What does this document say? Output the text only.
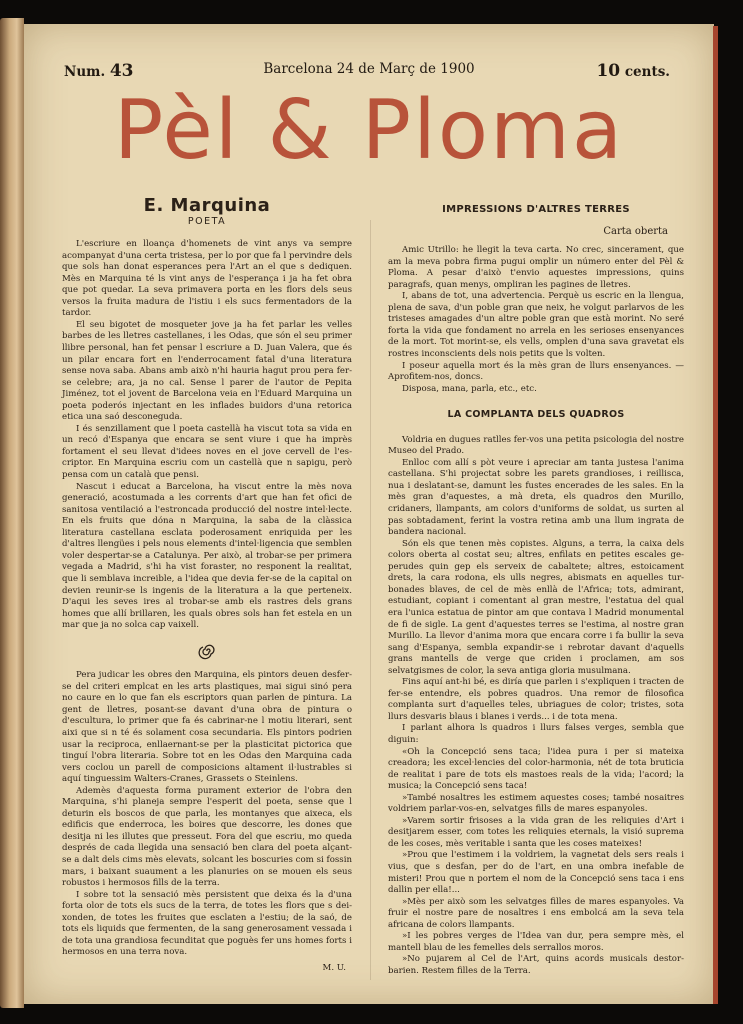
Num. 43	Barcelona 24 de Març de 1900	10 cents.
Pèl & Ploma
E. Marquina
POETA

L'escriure en lloança d'homenets de vint anys va sempre acompanyat d'una certa tristesa, per lo por que fa l pervindre dels que sols han donat esperances pera l'Art an el que s dediquen. Mès en Marquina té ls vint anys de l'esperança i ja ha fet obra que pot quedar. La seva primavera porta en les flors dels seus versos la fruita madura de l'istiu i els sucs fermentadors de la tardor.

El seu bigotet de mosqueter jove ja ha fet parlar les velles barbes de les lletres castellanes, i les Odas, que són el seu primer llibre personal, han fet pensar l escriure a D. Juan Valera, que és un pilar encara fort en l'enderrocament fatal d'una literatura sense nova saba. Abans amb això n'hi hauria hagut prou pera fer-se celebre; ara, ja no cal. Sense l parer de l'autor de Pepita Jiménez, tot el jovent de Barcelona veia en l'Eduard Marquina un poeta poderós injectant en les inflades buidors d'una retorica etica una saó desconeguda.

I és senzillament que l poeta castellà ha viscut tota sa vida en un recó d'Espanya que encara se sent viure i que ha imprès fortament el seu llevat d'idees noves en el jove cervell de l'escriptor. En Marquina escriu com un castellà que n sapigu, però pensa com un català que pensi.

Nascut i educat a Barcelona, ha viscut entre la mès nova generació, acostumada a les corrents d'art que han fet ofici de sanitosa ventilació a l'estroncada producció del nostre intel·lecte. En els fruits que dóna n Marquina, la saba de la clàssica literatura castellana esclata poderosament enriquida per les d'altres llengües i pels nous elements d'intel·ligencia que semblen voler despertar-se a Catalunya. Per això, al trobar-se per primera vegada a Madrid, s'hi ha vist foraster, no responent la realitat, que li semblava increible, a l'idea que devia fer-se de la capital on devien reunir-se ls ingenis de la literatura a la que perteneix. D'aqui les seves ires al trobar-se amb els rastres dels grans homes que allí brillaren, les quals obres sols han fet estela en un mar que ja no solca cap vaixell.

Pera judicar les obres den Marquina, els pintors deuen desfer-se del criteri emplcat en les arts plastiques, mai sigui sinó pera no caure en lo que fan els escriptors quan parlen de pintura. La gent de lletres, posant-se davant d'una obra de pintura o d'escultura, lo primer que fa és cabrinar-ne l motiu literari, sent aixi que si n té és solament cosa secundaria. Els pintors podrien usar la reciproca, enllaernant-se per la plasticitat pictorica que tinguí l'obra literaria. Sobre tot en les Odas den Marquina cada vers coclou un parell de composicions altament il·lustrables si aquí tinguessim Walters-Cranes, Grassets o Steinlens.

Ademès d'aquesta forma purament exterior de l'obra den Marquina, s'hi planeja sempre l'esperit del poeta, sense que l deturin els boscos de que parla, les montanyes que aixeca, els edificis que enderroca, les boires que descorre, les dones que desitja ni les illutes que presseut. Fora del que escriu, mo queda després de cada llegida una sensació ben clara del poeta alçant-se a dalt dels cims mès elevats, solcant les boscuries com si fossin mars, i baixant suaument a les planuries on se mouen els seus robustos i hermosos fills de la terra.

I sobre tot la sensació mès persistent que deixa és la d'una forta olor de tots els sucs de la terra, de totes les flors que s deixonden, de totes les fruites que esclaten a l'estiu; de la saó, de tots els liquids que fermenten, de la sang generosament vessada i de tota una grandiosa fecunditat que poguès fer uns homes forts i hermosos en una terra nova.

M. U.
IMPRESSIONS D'ALTRES TERRES
Carta oberta

Amic Utrillo: he llegit la teva carta. No crec, sincerament, que am la meva pobra firma pugui omplir un número enter del Pèl & Ploma. A pesar d'això t'envio aquestes impressions, quins paragrafs, quan menys, ompliran les pagines de lletres.

I, abans de tot, una advertencia. Perquè us escric en la llengua, plena de sava, d'un poble gran que neix, he volgut parlarvos de les tristeses amagades d'un altre poble gran que està morint. No seré forta la vida que fondament no arrela en les serioses ensenyances de la mort. Tot morint-se, els vells, omplen d'una sava gravetat els rostres inconscients dels nois petits que ls volten.

I poseur aquella mort és la mès gran de llurs ensenyances. —Aprofitem-nos, doncs.

Disposa, mana, parla, etc., etc.

LA COMPLANTA DELS QUADROS

Voldria en dugues ratlles fer-vos una petita psicologia del nostre Museo del Prado.

Enlloc com allí s pòt veure i apreciar am tanta justesa l'anima castellana. S'hi projectat sobre les parets grandioses, i reillisca, nua i deslatant-se, damunt les fustes encerades de les sales. En la mès gran d'aquestes, a mà dreta, els quadros den Murillo, cridaners, llampants, am colors d'uniforms de soldat, us surten al pas sobtadament, ferint la vostra retina amb una llum ingrata de bandera nacional.

Són els que tenen mès copistes. Alguns, a terra, la caixa dels colors oberta al costat seu; altres, enfilats en petites escales geperudes quin gep els serveix de cabaltete; altres, estoicament drets, la cara rodona, els ulls negres, abismats en aquelles turbonades blaves, de cel de mès enllà de l'Africa; tots, admirant, estudiant, copiant i comentant al gran mestre, l'estatua del qual era l'unica estatua de pintor am que contava l Madrid monumental de fi de sigle. La gent d'aquestes terres se l'estima, al nostre gran Murillo. La llevor d'anima mora que encara corre i fa bullir la seva sang d'Espanya, sembla expandir-se i rebrotar davant d'aquells grans mantells de verge que criden i proclamen, am sos selvatgismes de color, la seva antiga gloria musulmana.

Fins aquí ant-hi bé, es diría que parlen i s'expliquen i tracten de fer-se entendre, els pobres quadros. Una remor de filosofica complanta surt d'aquelles teles, ubriagues de color; tristes, sota llurs desvaris blaus i blanes i verds... i de tota mena.

I parlant alhora ls quadros i llurs falses verges, sembla que diguin:

«Oh la Concepció sens taca; l'idea pura i per si mateixa creadora; les excel·lencies del color-harmonia, nét de tota bruticia de realitat i pare de tots els mastoes reals de la vida; l'acord; la musica; la Concepció sens taca!

»També nosaltres les estimem aquestes coses; també nosaitres voldriem parlar-vos-en, selvatges fills de mares espanyoles.

»Varem sortir frisoses a la vida gran de les reliquies d'Art i desitjarem esser, com totes les reliquies eternals, la visió suprema de les coses, mès veritable i santa que les coses mateixes!

»Prou que l'estimem i la voldriem, la vagnetat dels sers reals i vius, que s desfan, per do de l'art, en una ombra inefable de misteri! Prou que n portem el nom de la Concepció sens taca i ens dallin per ella!...

»Mès per això som les selvatges filles de mares espanyoles. Va fruir el nostre pare de nosaltres i ens embolcá am la seva tela africana de colors llampants.

»I les pobres verges de l'Idea van dur, pera sempre mès, el mantell blau de les femelles dels serrallos moros.

»No pujarem al Cel de l'Art, quins acords musicals destorbarien. Restem filles de la Terra.
